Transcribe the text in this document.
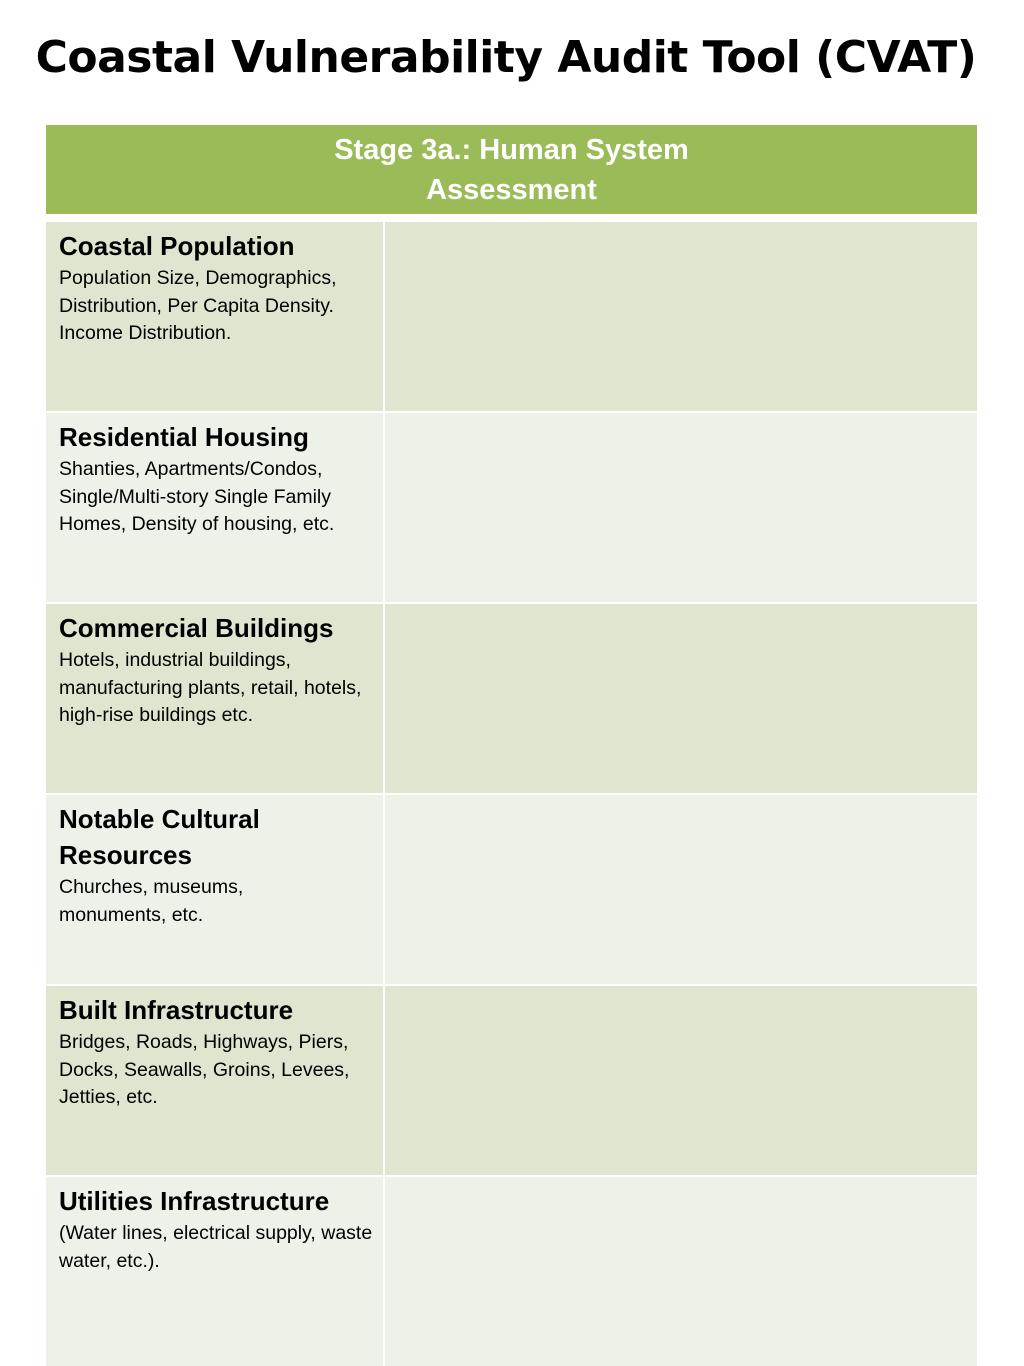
Coastal Vulnerability Audit Tool (CVAT)
Stage 3a.: Human System Assessment
Coastal Population
Population Size, Demographics, Distribution, Per Capita Density. Income Distribution.
Residential Housing
Shanties, Apartments/Condos, Single/Multi-story Single Family Homes, Density of housing, etc.
Commercial Buildings
Hotels, industrial buildings, manufacturing plants, retail, hotels, high-rise buildings etc.
Notable Cultural Resources
Churches, museums, monuments, etc.
Built Infrastructure
Bridges, Roads, Highways, Piers, Docks, Seawalls, Groins, Levees, Jetties, etc.
Utilities Infrastructure
(Water lines, electrical supply, waste water, etc.).
